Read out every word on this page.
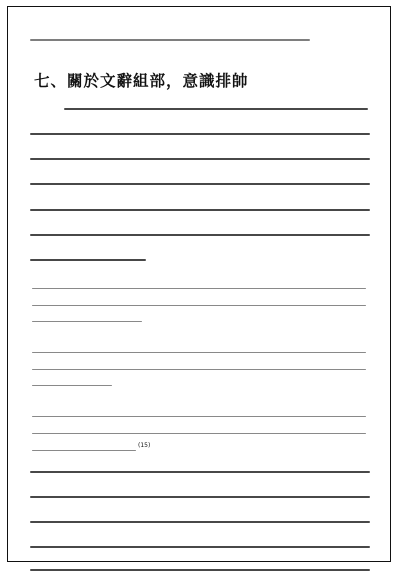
七、關於文辭組部，意識排帥
(15)
